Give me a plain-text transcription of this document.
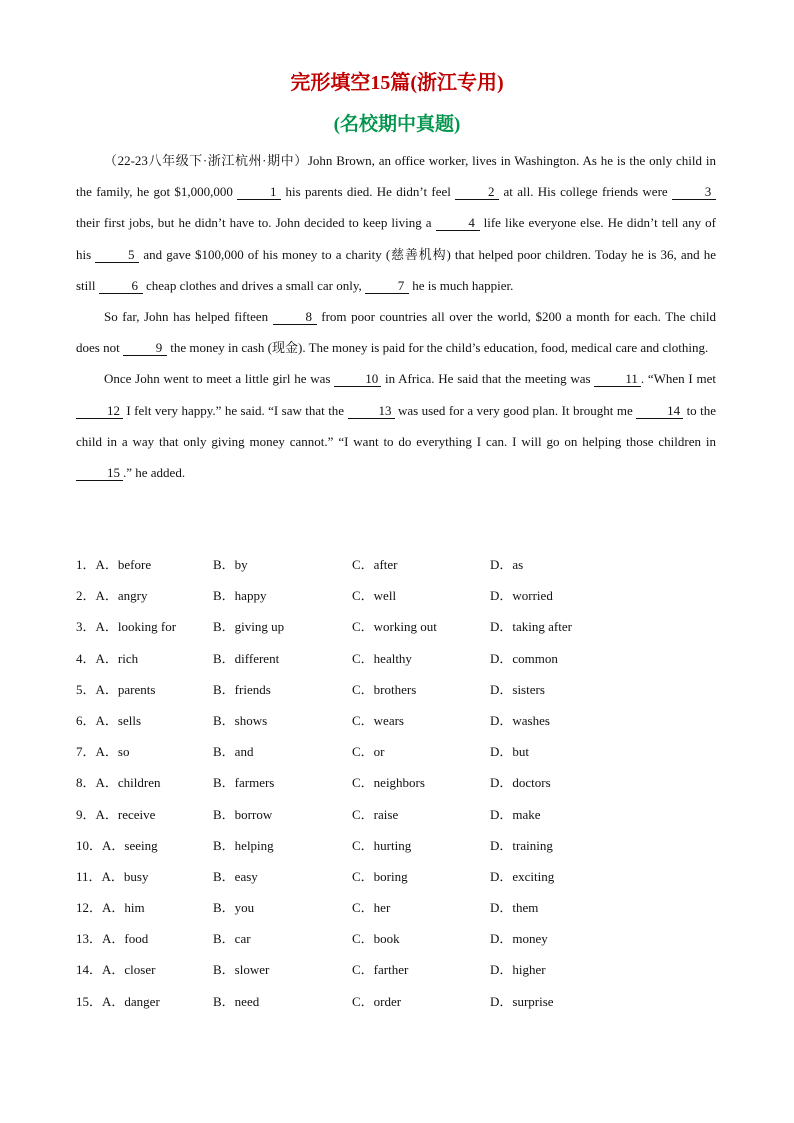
完形填空15篇(浙江专用)
(名校期中真题)

（22-23八年级下·浙江杭州·期中）John Brown, an office worker, lives in Washington. As he is the only child in the family, he got $1,000,000	1 his parents died. He didn’t feel	2 at all. His college friends were	3 their first jobs, but he didn’t have to. John decided to keep living a	4 life like everyone else. He didn’t tell any of his	5 and gave $100,000 of his money to a charity (慈善机构) that helped poor children. Today he is 36, and he still	6 cheap clothes and drives a small car only,	7 he is much happier.

So far, John has helped fifteen	8 from poor countries all over the world, $200 a month for each. The child does not	9 the money in cash (现金). The money is paid for the child’s education, food, medical care and clothing.

Once John went to meet a little girl he was 10 in Africa. He said that the meeting was 11 . “When I met 12 I felt very happy.” he said. “I saw that the 13 was used for a very good plan. It brought me 14 to the child in a way that only giving money cannot.” “I want to do everything I can. I will go on helping those children in 15 .” he added.

1．A．before	B．by	C．after	D．as
2．A．angry	B．happy	C．well	D．worried
3．A．looking for	B．giving up	C．working out	D．taking after
4．A．rich	B．different	C．healthy	D．common
5．A．parents	B．friends	C．brothers	D．sisters
6．A．sells	B．shows	C．wears	D．washes
7．A．so	B．and	C．or	D．but
8．A．children	B．farmers	C．neighbors	D．doctors
9．A．receive	B．borrow	C．raise	D．make
10．A．seeing	B．helping	C．hurting	D．training
11．A．busy	B．easy	C．boring	D．exciting
12．A．him	B．you	C．her	D．them
13．A．food	B．car	C．book	D．money
14．A．closer	B．slower	C．farther	D．higher
15．A．danger	B．need	C．order	D．surprise
